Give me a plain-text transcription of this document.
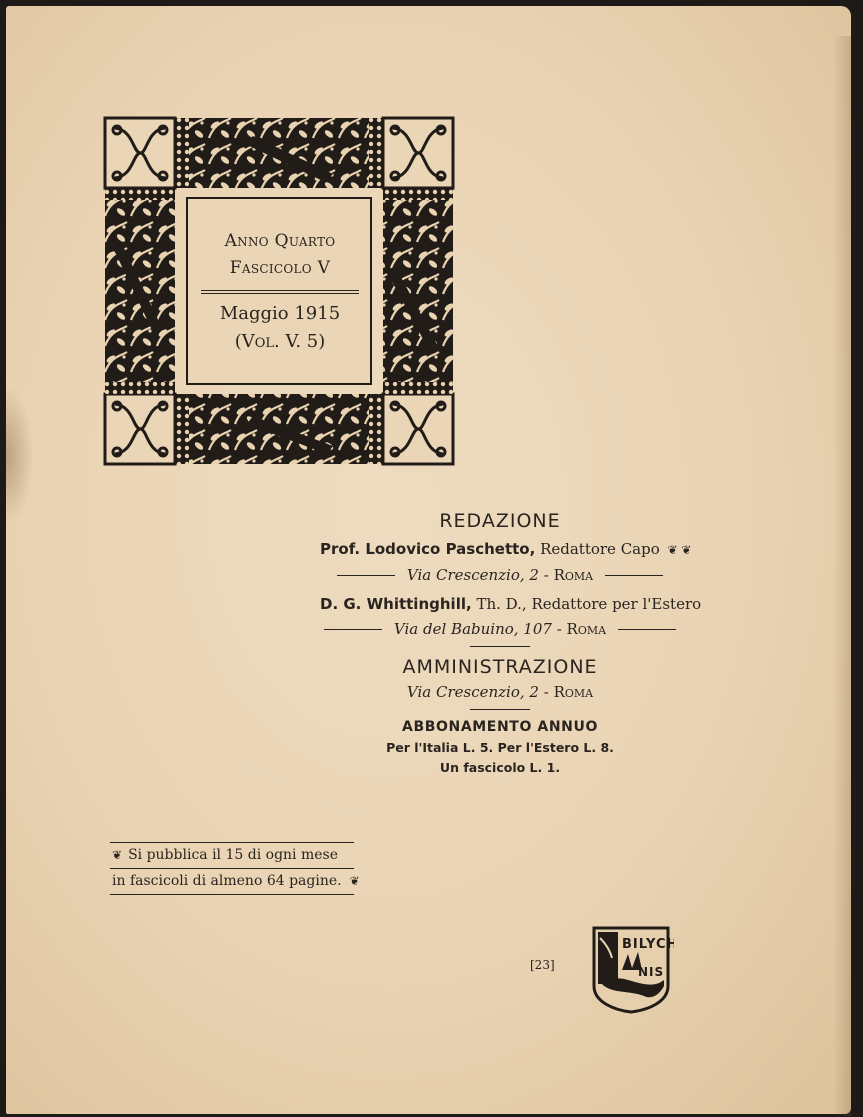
Anno Quarto
Fascicolo V
Maggio 1915
(Vol. V. 5)
REDAZIONE
Prof. Lodovico Paschetto, Redattore Capo ❦ ❦
Via Crescenzio, 2 - Roma
D. G. Whittinghill, Th. D., Redattore per l'Estero
Via del Babuino, 107 - Roma
AMMINISTRAZIONE
Via Crescenzio, 2 - Roma
ABBONAMENTO ANNUO
Per l'Italia L. 5. Per l'Estero L. 8.
Un fascicolo L. 1.
❦ Si pubblica il 15 di ogni mese
in fascicoli di almeno 64 pagine. ❦
[23]
BILYCH
NIS
